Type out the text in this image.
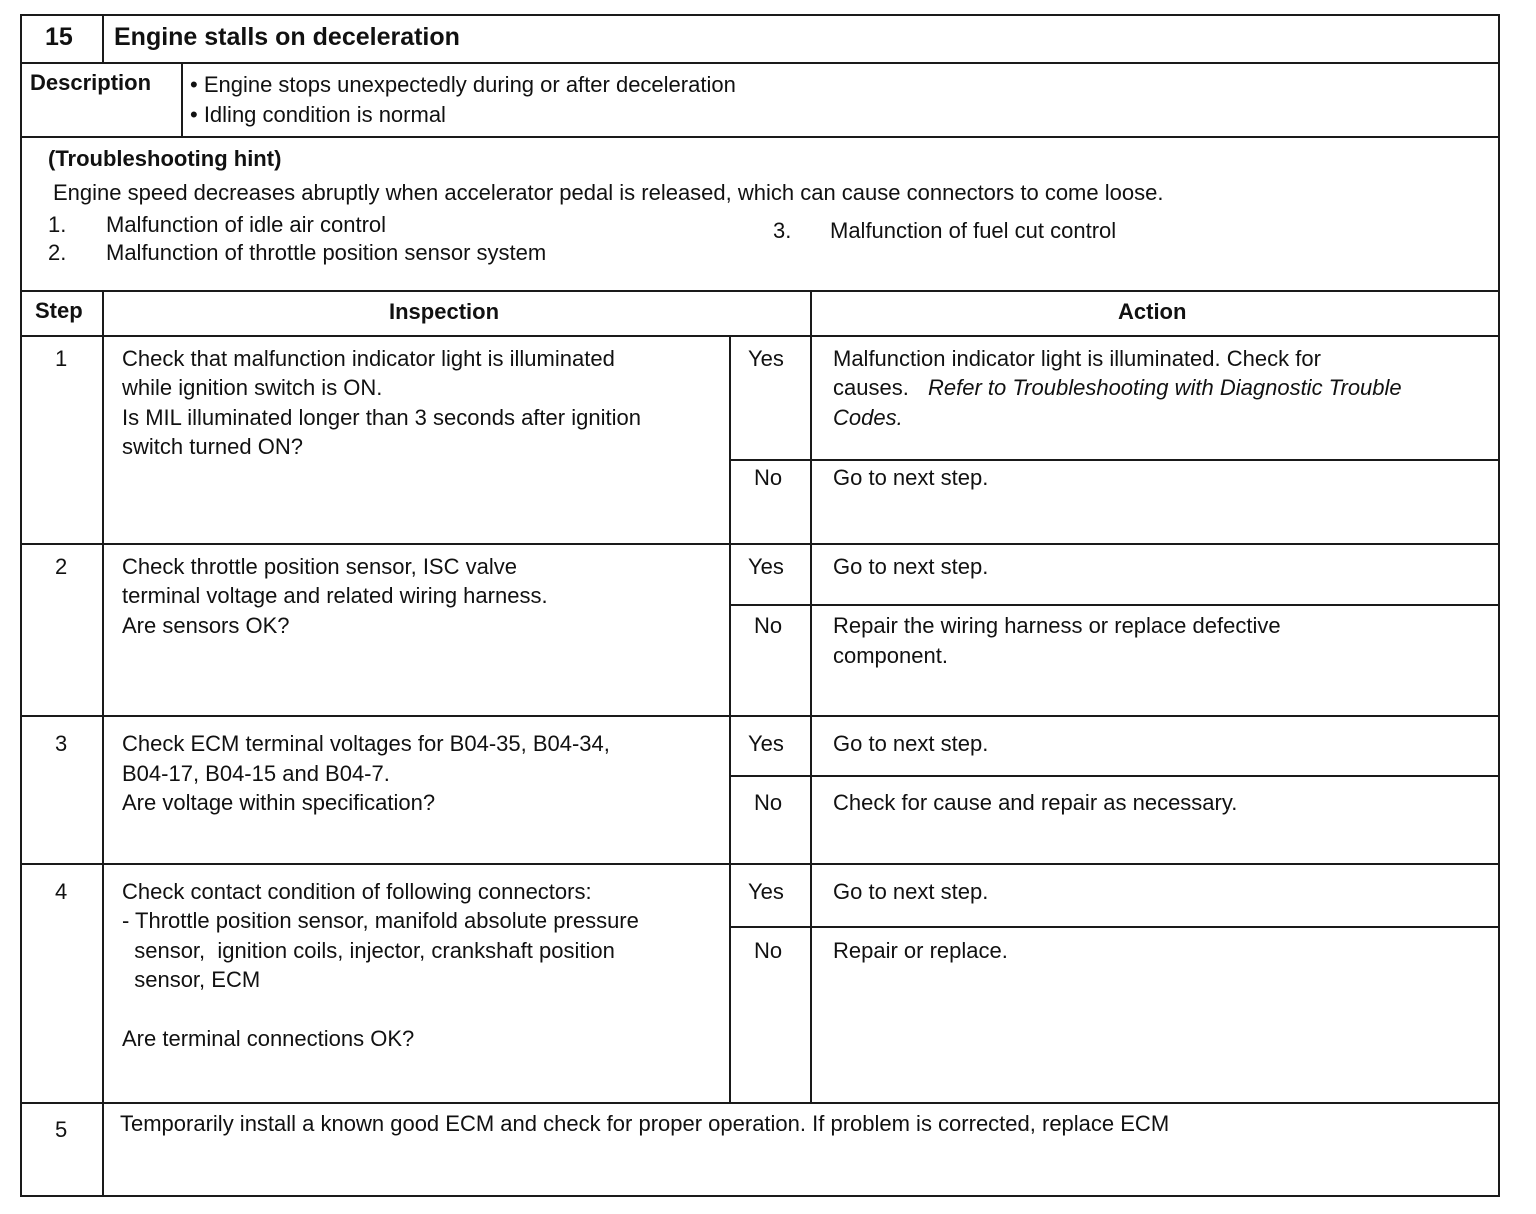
15 Engine stalls on deceleration
Description • Engine stops unexpectedly during or after deceleration
• Idling condition is normal
(Troubleshooting hint)
Engine speed decreases abruptly when accelerator pedal is released, which can cause connectors to come loose.
1. Malfunction of idle air control
2. Malfunction of throttle position sensor system
3. Malfunction of fuel cut control
Step	Inspection	Action
1 Check that malfunction indicator light is illuminated
while ignition switch is ON.
Is MIL illuminated longer than 3 seconds after ignition
switch turned ON?
Yes Malfunction indicator light is illuminated. Check for
causes. Refer to Troubleshooting with Diagnostic Trouble
Codes.
No Go to next step.
2 Check throttle position sensor, ISC valve
terminal voltage and related wiring harness.
Are sensors OK?
Yes Go to next step.
No Repair the wiring harness or replace defective
component.
3 Check ECM terminal voltages for B04-35, B04-34,
B04-17, B04-15 and B04-7.
Are voltage within specification?
Yes Go to next step.
No Check for cause and repair as necessary.
4 Check contact condition of following connectors:
- Throttle position sensor, manifold absolute pressure
sensor,  ignition coils, injector, crankshaft position
sensor, ECM
Are terminal connections OK?
Yes Go to next step.
No Repair or replace.
5 Temporarily install a known good ECM and check for proper operation. If problem is corrected, replace ECM
